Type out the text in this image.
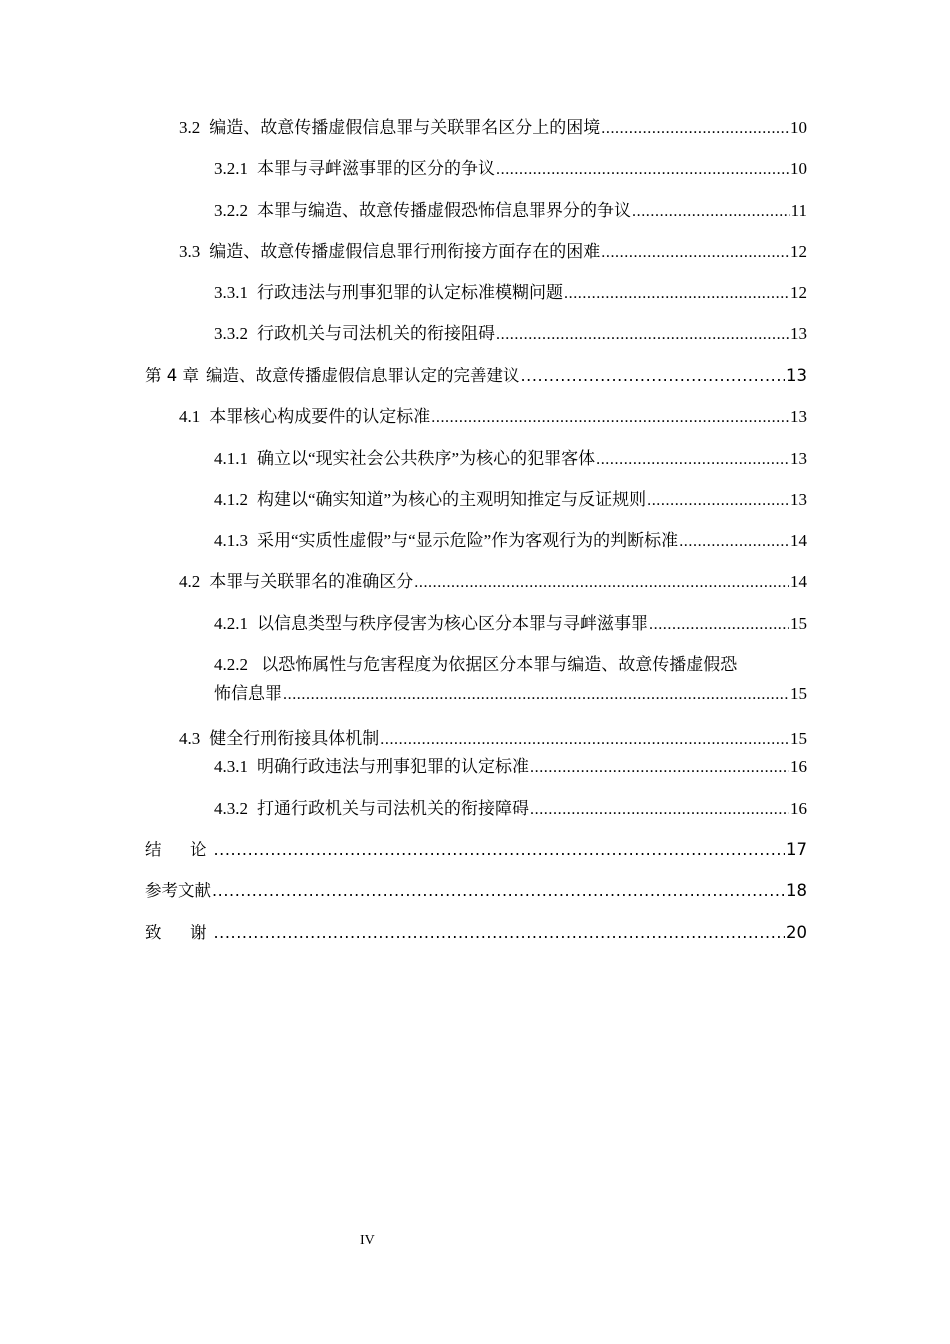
3.2 编造、故意传播虚假信息罪与关联罪名区分上的困境 .....	10
3.2.1 本罪与寻衅滋事罪的区分的争议 .....	10
3.2.2 本罪与编造、故意传播虚假恐怖信息罪界分的争议 .....	11
3.3 编造、故意传播虚假信息罪行刑衔接方面存在的困难 .....	12
3.3.1 行政违法与刑事犯罪的认定标准模糊问题 .....	12
3.3.2 行政机关与司法机关的衔接阻碍 .....	13
第 4 章 编造、故意传播虚假信息罪认定的完善建议 .....	13
4.1 本罪核心构成要件的认定标准 .....	13
4.1.1 确立以“现实社会公共秩序”为核心的犯罪客体 .....	13
4.1.2 构建以“确实知道”为核心的主观明知推定与反证规则 .....	13
4.1.3 采用“实质性虚假”与“显示危险”作为客观行为的判断标准 .....	14
4.2 本罪与关联罪名的准确区分 .....	14
4.2.1 以信息类型与秩序侵害为核心区分本罪与寻衅滋事罪 .....	15
4.2.2 以恐怖属性与危害程度为依据区分本罪与编造、故意传播虚假恐
怖信息罪 .....	15
4.3 健全行刑衔接具体机制 .....	15
4.3.1 明确行政违法与刑事犯罪的认定标准 .....	16
4.3.2 打通行政机关与司法机关的衔接障碍 .....	16
结  论 .....	17
参考文献 .....	18
致  谢 .....	20
IV
